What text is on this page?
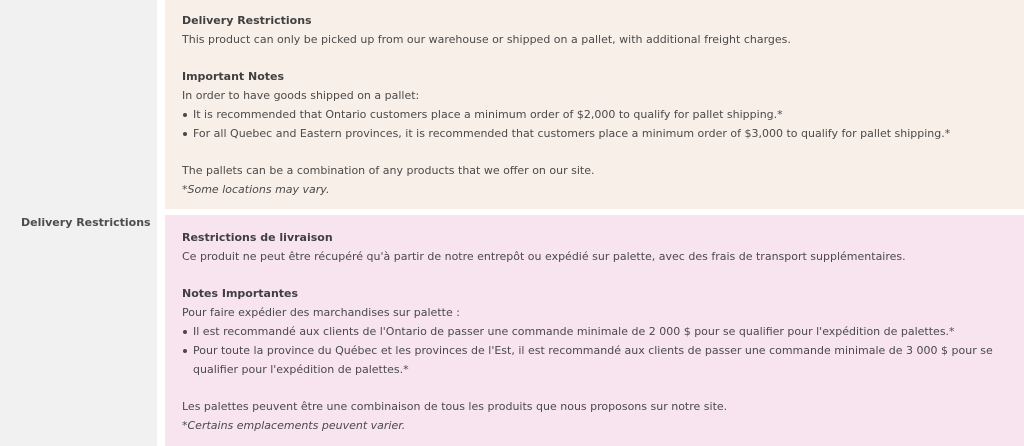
Delivery Restrictions
Delivery Restrictions
This product can only be picked up from our warehouse or shipped on a pallet, with additional freight charges.
Important Notes
In order to have goods shipped on a pallet:
It is recommended that Ontario customers place a minimum order of $2,000 to qualify for pallet shipping.*
For all Quebec and Eastern provinces, it is recommended that customers place a minimum order of $3,000 to qualify for pallet shipping.*
The pallets can be a combination of any products that we offer on our site.
*Some locations may vary.
Restrictions de livraison
Ce produit ne peut être récupéré qu'à partir de notre entrepôt ou expédié sur palette, avec des frais de transport supplémentaires.
Notes Importantes
Pour faire expédier des marchandises sur palette :
Il est recommandé aux clients de l'Ontario de passer une commande minimale de 2 000 $ pour se qualifier pour l'expédition de palettes.*
Pour toute la province du Québec et les provinces de l'Est, il est recommandé aux clients de passer une commande minimale de 3 000 $ pour se qualifier pour l'expédition de palettes.*
Les palettes peuvent être une combinaison de tous les produits que nous proposons sur notre site.
*Certains emplacements peuvent varier.
